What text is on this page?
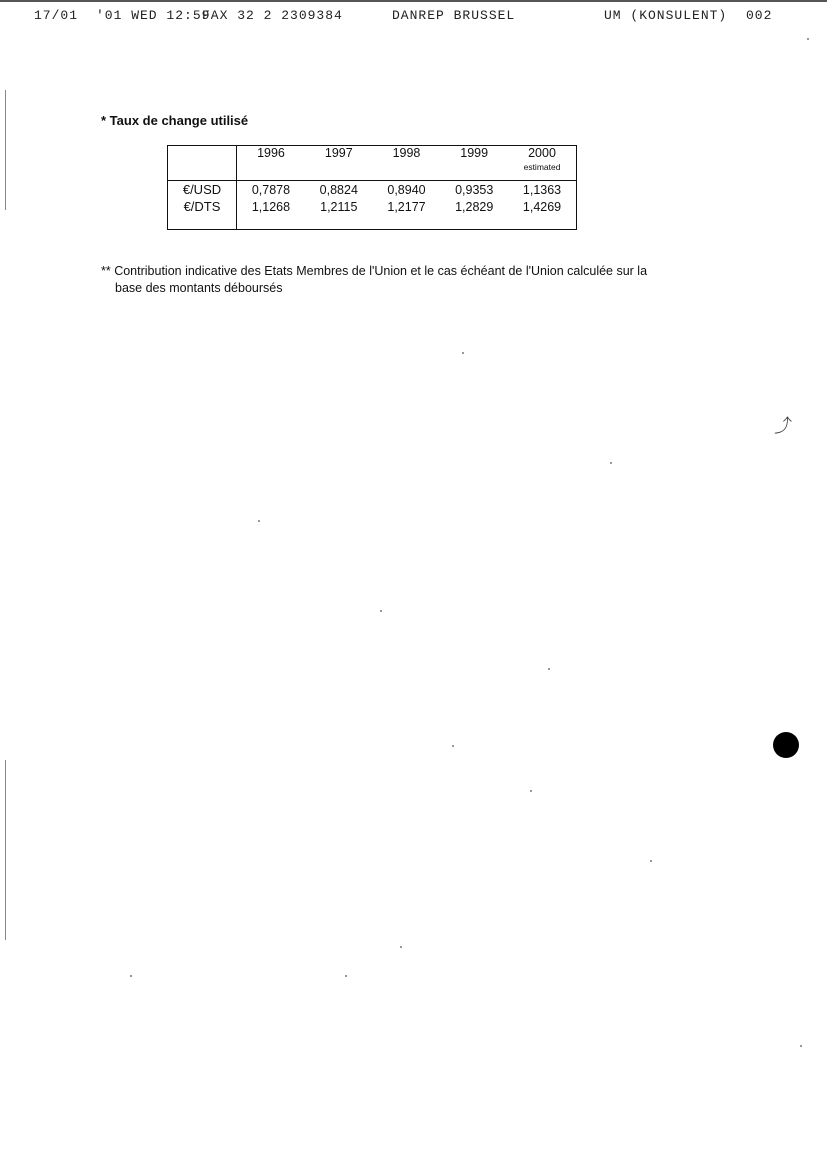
17/01 '01 WED 12:59
FAX 32 2 2309384	DANREP BRUSSEL	UM (KONSULENT) 002
* Taux de change utilisé
	1996	1997	1998	1999	2000
estimated

€/USD	0,7878	0,8824	0,8940	0,9353	1,1363
€/DTS	1,1268	1,2115	1,2177	1,2829	1,4269

** Contribution indicative des Etats Membres de l'Union et le cas échéant de l'Union calculée sur la
base des montants déboursés
⤴
